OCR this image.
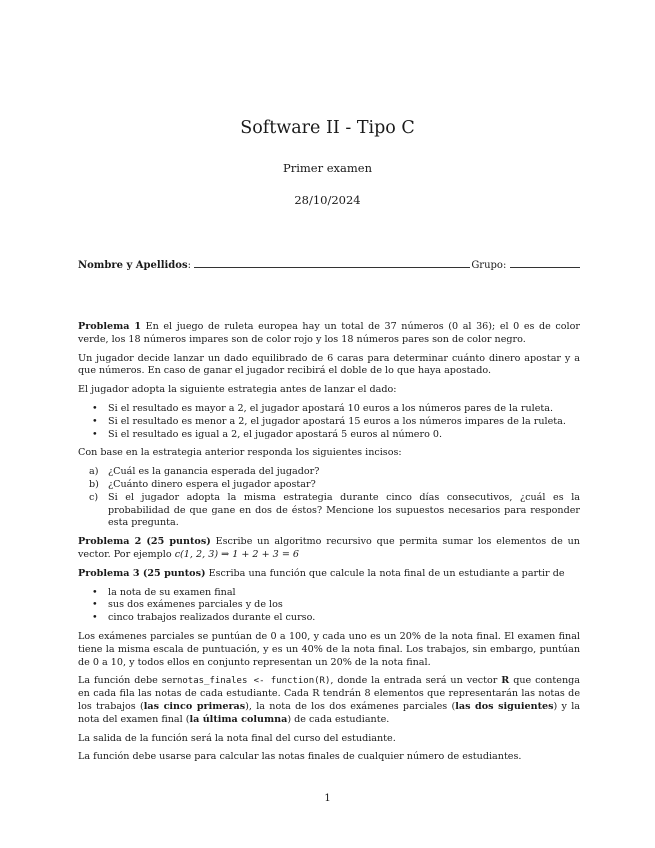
Software II - Tipo C
Primer examen
28/10/2024
Nombre y Apellidos :	Grupo:

Problema 1 En el juego de ruleta europea hay un total de 37 números (0 al 36); el 0 es de color verde, los 18 números impares son de color rojo y los 18 números pares son de color negro.

Un jugador decide lanzar un dado equilibrado de 6 caras para determinar cuánto dinero apostar y a que números. En caso de ganar el jugador recibirá el doble de lo que haya apostado.

El jugador adopta la siguiente estrategia antes de lanzar el dado:

• Si el resultado es mayor a 2, el jugador apostará 10 euros a los números pares de la ruleta.
• Si el resultado es menor a 2, el jugador apostará 15 euros a los números impares de la ruleta.
• Si el resultado es igual a 2, el jugador apostará 5 euros al número 0.

Con base en la estrategia anterior responda los siguientes incisos:

a) ¿Cuál es la ganancia esperada del jugador?
b) ¿Cuánto dinero espera el jugador apostar?
c) Si el jugador adopta la misma estrategia durante cinco días consecutivos, ¿cuál es la probabilidad de que gane en dos de éstos? Mencione los supuestos necesarios para responder esta pregunta.

Problema 2 (25 puntos) Escribe un algoritmo recursivo que permita sumar los elementos de un vector. Por ejemplo c(1, 2, 3) ⇒ 1 + 2 + 3 = 6

Problema 3 (25 puntos) Escriba una función que calcule la nota final de un estudiante a partir de

• la nota de su examen final
• sus dos exámenes parciales y de los
• cinco trabajos realizados durante el curso.

Los exámenes parciales se puntúan de 0 a 100, y cada uno es un 20% de la nota final. El examen final tiene la misma escala de puntuación, y es un 40% de la nota final. Los trabajos, sin embargo, puntúan de 0 a 10, y todos ellos en conjunto representan un 20% de la nota final.

La función debe sernotas_finales <- function(R), donde la entrada será un vector R que contenga en cada fila las notas de cada estudiante. Cada R tendrán 8 elementos que representarán las notas de los trabajos (las cinco primeras), la nota de los dos exámenes parciales (las dos siguientes) y la nota del examen final (la última columna) de cada estudiante.

La salida de la función será la nota final del curso del estudiante.

La función debe usarse para calcular las notas finales de cualquier número de estudiantes.

1
